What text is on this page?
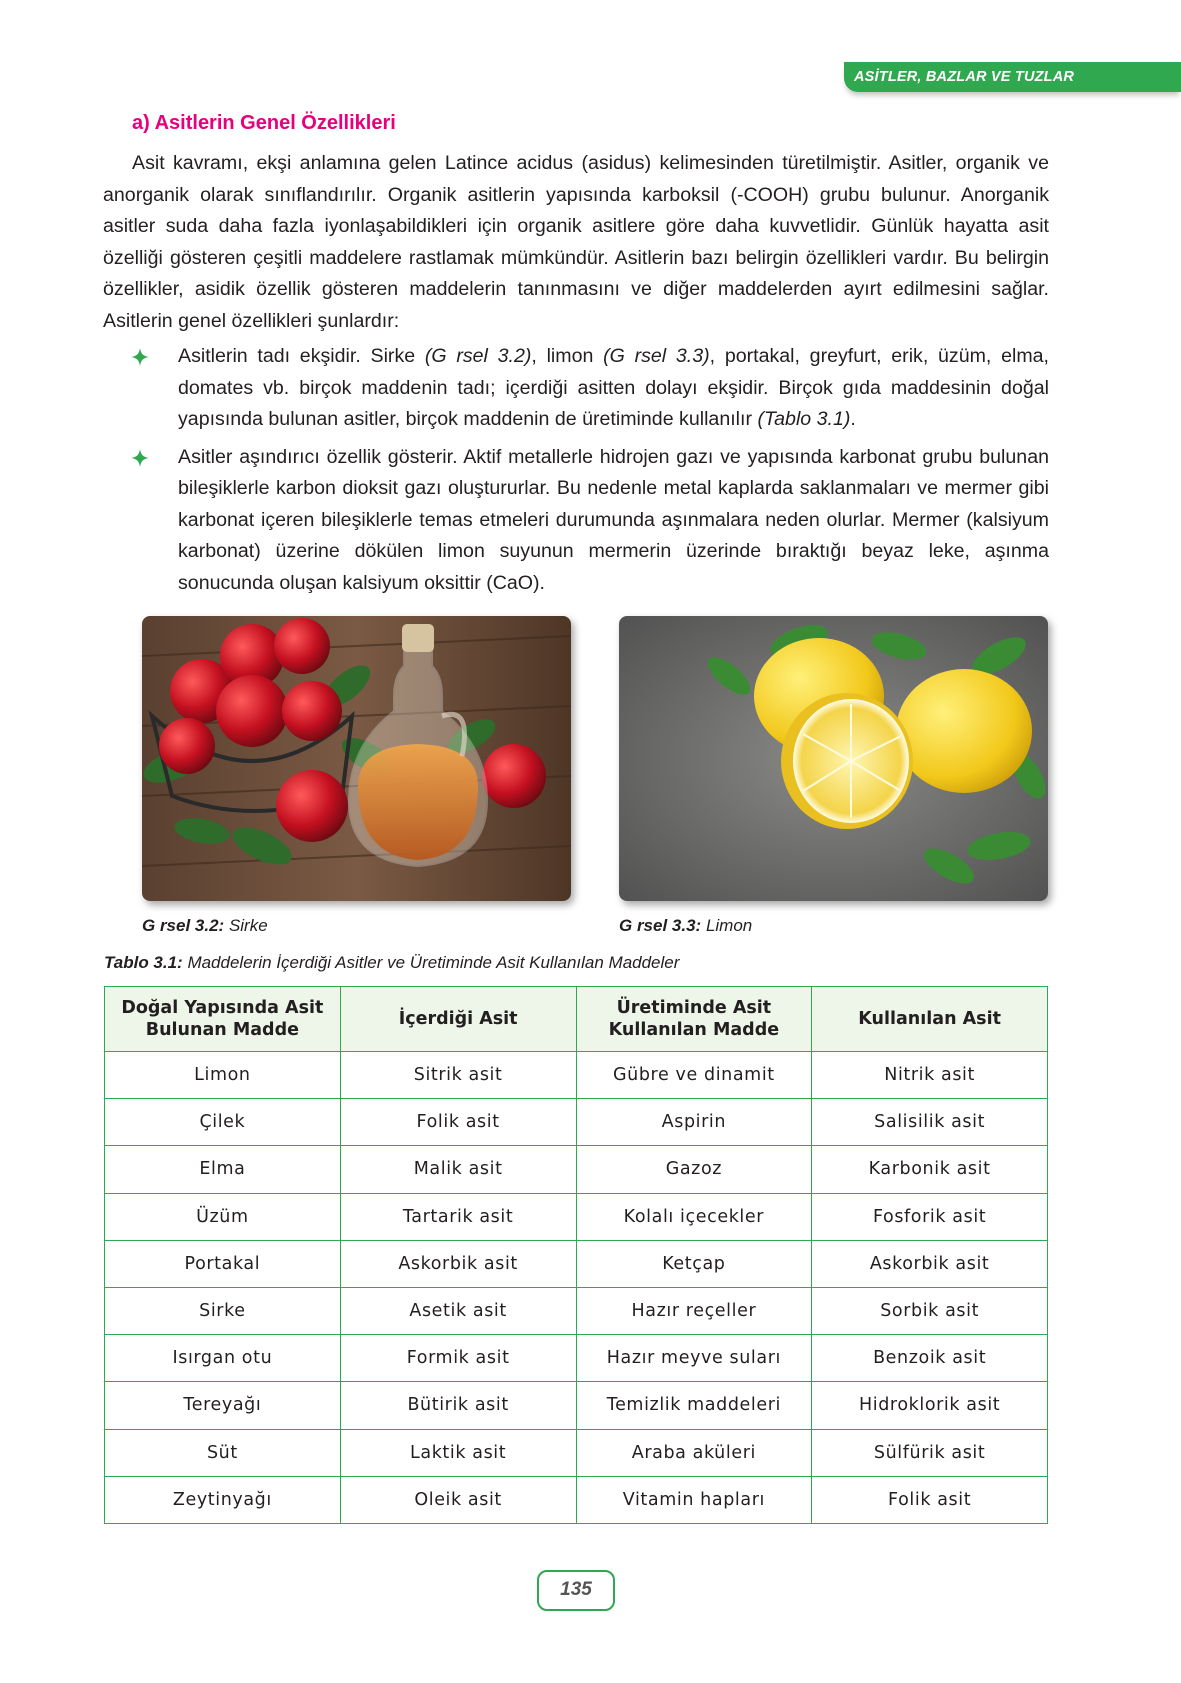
ASİTLER, BAZLAR VE TUZLAR
a) Asitlerin Genel Özellikleri
Asit kavramı, ekşi anlamına gelen Latince acidus (asidus) kelimesinden türetilmiştir. Asitler, organik ve anorganik olarak sınıflandırılır. Organik asitlerin yapısında karboksil (-COOH) grubu bulunur. Anorganik asitler suda daha fazla iyonlaşabildikleri için organik asitlere göre daha kuvvetlidir. Günlük hayatta asit özelliği gösteren çeşitli maddelere rastlamak mümkündür. Asitlerin bazı belirgin özellikleri vardır. Bu belirgin özellikler, asidik özellik gösteren maddelerin tanınmasını ve diğer maddelerden ayırt edilmesini sağlar. Asitlerin genel özellikleri şunlardır:
Asitlerin tadı ekşidir. Sirke (G rsel 3.2), limon (G rsel 3.3), portakal, greyfurt, erik, üzüm, elma, domates vb. birçok maddenin tadı; içerdiği asitten dolayı ekşidir. Birçok gıda maddesinin doğal yapısında bulunan asitler, birçok maddenin de üretiminde kullanılır (Tablo 3.1).
Asitler aşındırıcı özellik gösterir. Aktif metallerle hidrojen gazı ve yapısında karbonat grubu bulunan bileşiklerle karbon dioksit gazı oluştururlar. Bu nedenle metal kaplarda saklanmaları ve mermer gibi karbonat içeren bileşiklerle temas etmeleri durumunda aşınmalara neden olurlar. Mermer (kalsiyum karbonat) üzerine dökülen limon suyunun mermerin üzerinde bıraktığı beyaz leke, aşınma sonucunda oluşan kalsiyum oksittir (CaO).
G rsel 3.2: Sirke	G rsel 3.3: Limon
Tablo 3.1: Maddelerin İçerdiği Asitler ve Üretiminde Asit Kullanılan Maddeler
Doğal Yapısında Asit Bulunan Madde	İçerdiği Asit	Üretiminde Asit Kullanılan Madde	Kullanılan Asit
Limon	Sitrik asit	Gübre ve dinamit	Nitrik asit
Çilek	Folik asit	Aspirin	Salisilik asit
Elma	Malik asit	Gazoz	Karbonik asit
Üzüm	Tartarik asit	Kolalı içecekler	Fosforik asit
Portakal	Askorbik asit	Ketçap	Askorbik asit
Sirke	Asetik asit	Hazır reçeller	Sorbik asit
Isırgan otu	Formik asit	Hazır meyve suları	Benzoik asit
Tereyağı	Bütirik asit	Temizlik maddeleri	Hidroklorik asit
Süt	Laktik asit	Araba aküleri	Sülfürik asit
Zeytinyağı	Oleik asit	Vitamin hapları	Folik asit
135
